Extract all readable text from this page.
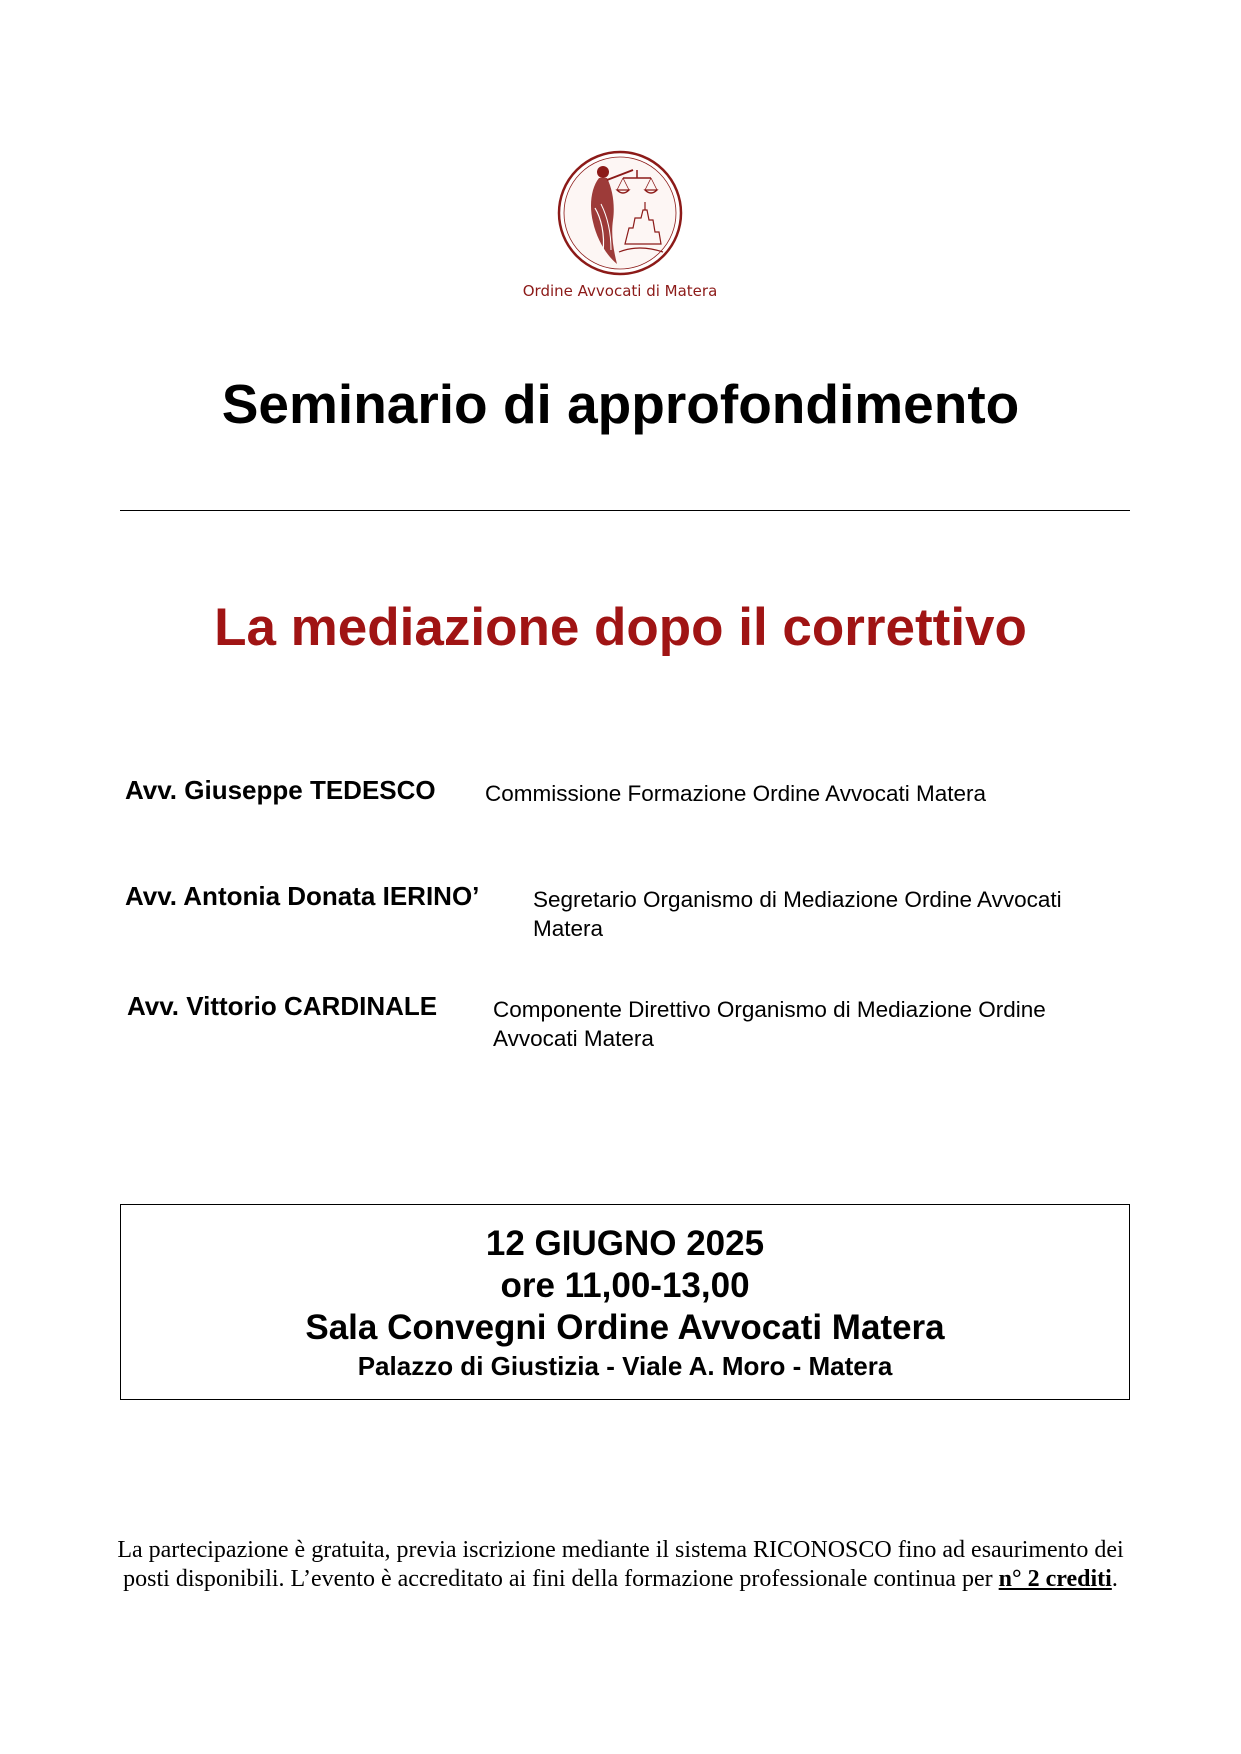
Ordine Avvocati di Matera
Seminario di approfondimento
La mediazione dopo il correttivo
Avv. Giuseppe TEDESCO Commissione Formazione Ordine Avvocati Matera
Avv. Antonia Donata IERINO’ Segretario Organismo di Mediazione Ordine Avvocati Matera
Avv. Vittorio CARDINALE Componente Direttivo Organismo di Mediazione Ordine Avvocati Matera
12 GIUGNO 2025
ore 11,00-13,00
Sala Convegni Ordine Avvocati Matera
Palazzo di Giustizia - Viale A. Moro - Matera
La partecipazione è gratuita, previa iscrizione mediante il sistema RICONOSCO fino ad esaurimento dei posti disponibili. L’evento è accreditato ai fini della formazione professionale continua per n° 2 crediti.
